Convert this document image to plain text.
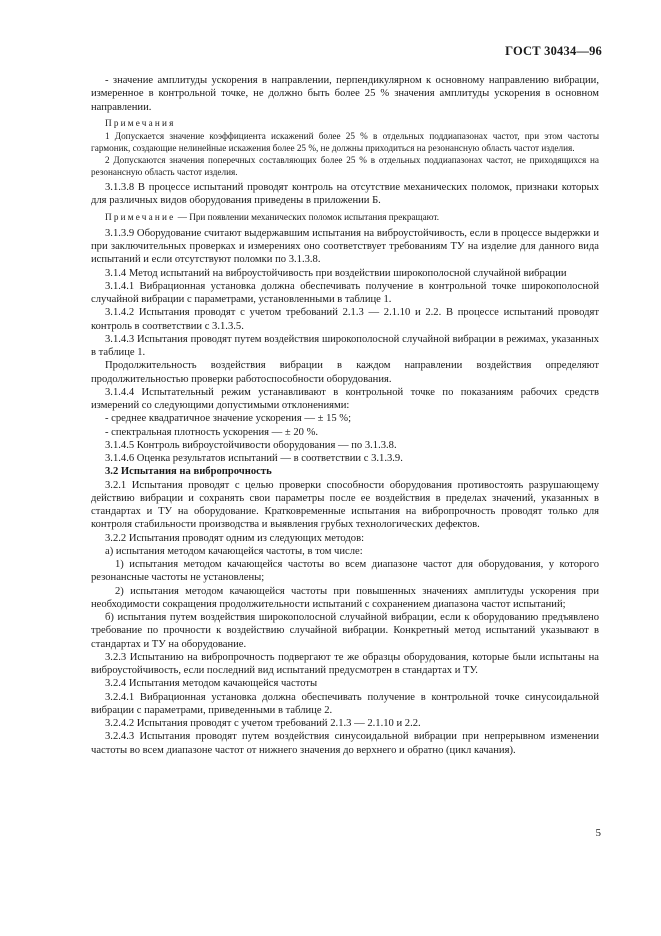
ГОСТ 30434—96

- значение амплитуды ускорения в направлении, перпендикулярном к основному направлению вибрации, измеренное в контрольной точке, не должно быть более 25 % значения амплитуды ускорения в основном направлении.

Примечания

1 Допускается значение коэффициента искажений более 25 % в отдельных поддиапазонах частот, при этом частоты гармоник, создающие нелинейные искажения более 25 %, не должны приходиться на резонансную область частот изделия.

2 Допускаются значения поперечных составляющих более 25 % в отдельных поддиапазонах частот, не приходящихся на резонансную область частот изделия.

3.1.3.8 В процессе испытаний проводят контроль на отсутствие механических поломок, признаки которых для различных видов оборудования приведены в приложении Б.

Примечание — При появлении механических поломок испытания прекращают.

3.1.3.9 Оборудование считают выдержавшим испытания на виброустойчивость, если в процессе выдержки и при заключительных проверках и измерениях оно соответствует требованиям ТУ на изделие для данного вида испытаний и если отсутствуют поломки по 3.1.3.8.

3.1.4 Метод испытаний на виброустойчивость при воздействии широкополосной случайной вибрации

3.1.4.1 Вибрационная установка должна обеспечивать получение в контрольной точке широкополосной случайной вибрации с параметрами, установленными в таблице 1.

3.1.4.2 Испытания проводят с учетом требований 2.1.3 — 2.1.10 и 2.2. В процессе испытаний проводят контроль в соответствии с 3.1.3.5.

3.1.4.3 Испытания проводят путем воздействия широкополосной случайной вибрации в режимах, указанных в таблице 1.

Продолжительность воздействия вибрации в каждом направлении воздействия определяют продолжительностью проверки работоспособности оборудования.

3.1.4.4 Испытательный режим устанавливают в контрольной точке по показаниям рабочих средств измерений со следующими допустимыми отклонениями:

- среднее квадратичное значение ускорения — ± 15 %;

- спектральная плотность ускорения — ± 20 %.

3.1.4.5 Контроль виброустойчивости оборудования — по 3.1.3.8.

3.1.4.6 Оценка результатов испытаний — в соответствии с 3.1.3.9.

3.2 Испытания на вибропрочность

3.2.1 Испытания проводят с целью проверки способности оборудования противостоять разрушающему действию вибрации и сохранять свои параметры после ее воздействия в пределах значений, указанных в стандартах и ТУ на оборудование. Кратковременные испытания на вибропрочность проводят только для контроля стабильности производства и выявления грубых технологических дефектов.

3.2.2 Испытания проводят одним из следующих методов:

а) испытания методом качающейся частоты, в том числе:

1) испытания методом качающейся частоты во всем диапазоне частот для оборудования, у которого резонансные частоты не установлены;

2) испытания методом качающейся частоты при повышенных значениях амплитуды ускорения при необходимости сокращения продолжительности испытаний с сохранением диапазона частот испытаний;

б) испытания путем воздействия широкополосной случайной вибрации, если к оборудованию предъявлено требование по прочности к воздействию случайной вибрации. Конкретный метод испытаний указывают в стандартах и ТУ на оборудование.

3.2.3 Испытанию на вибропрочность подвергают те же образцы оборудования, которые были испытаны на виброустойчивость, если последний вид испытаний предусмотрен в стандартах и ТУ.

3.2.4 Испытания методом качающейся частоты

3.2.4.1 Вибрационная установка должна обеспечивать получение в контрольной точке синусоидальной вибрации с параметрами, приведенными в таблице 2.

3.2.4.2 Испытания проводят с учетом требований 2.1.3 — 2.1.10 и 2.2.

3.2.4.3 Испытания проводят путем воздействия синусоидальной вибрации при непрерывном изменении частоты во всем диапазоне частот от нижнего значения до верхнего и обратно (цикл качания).

5
